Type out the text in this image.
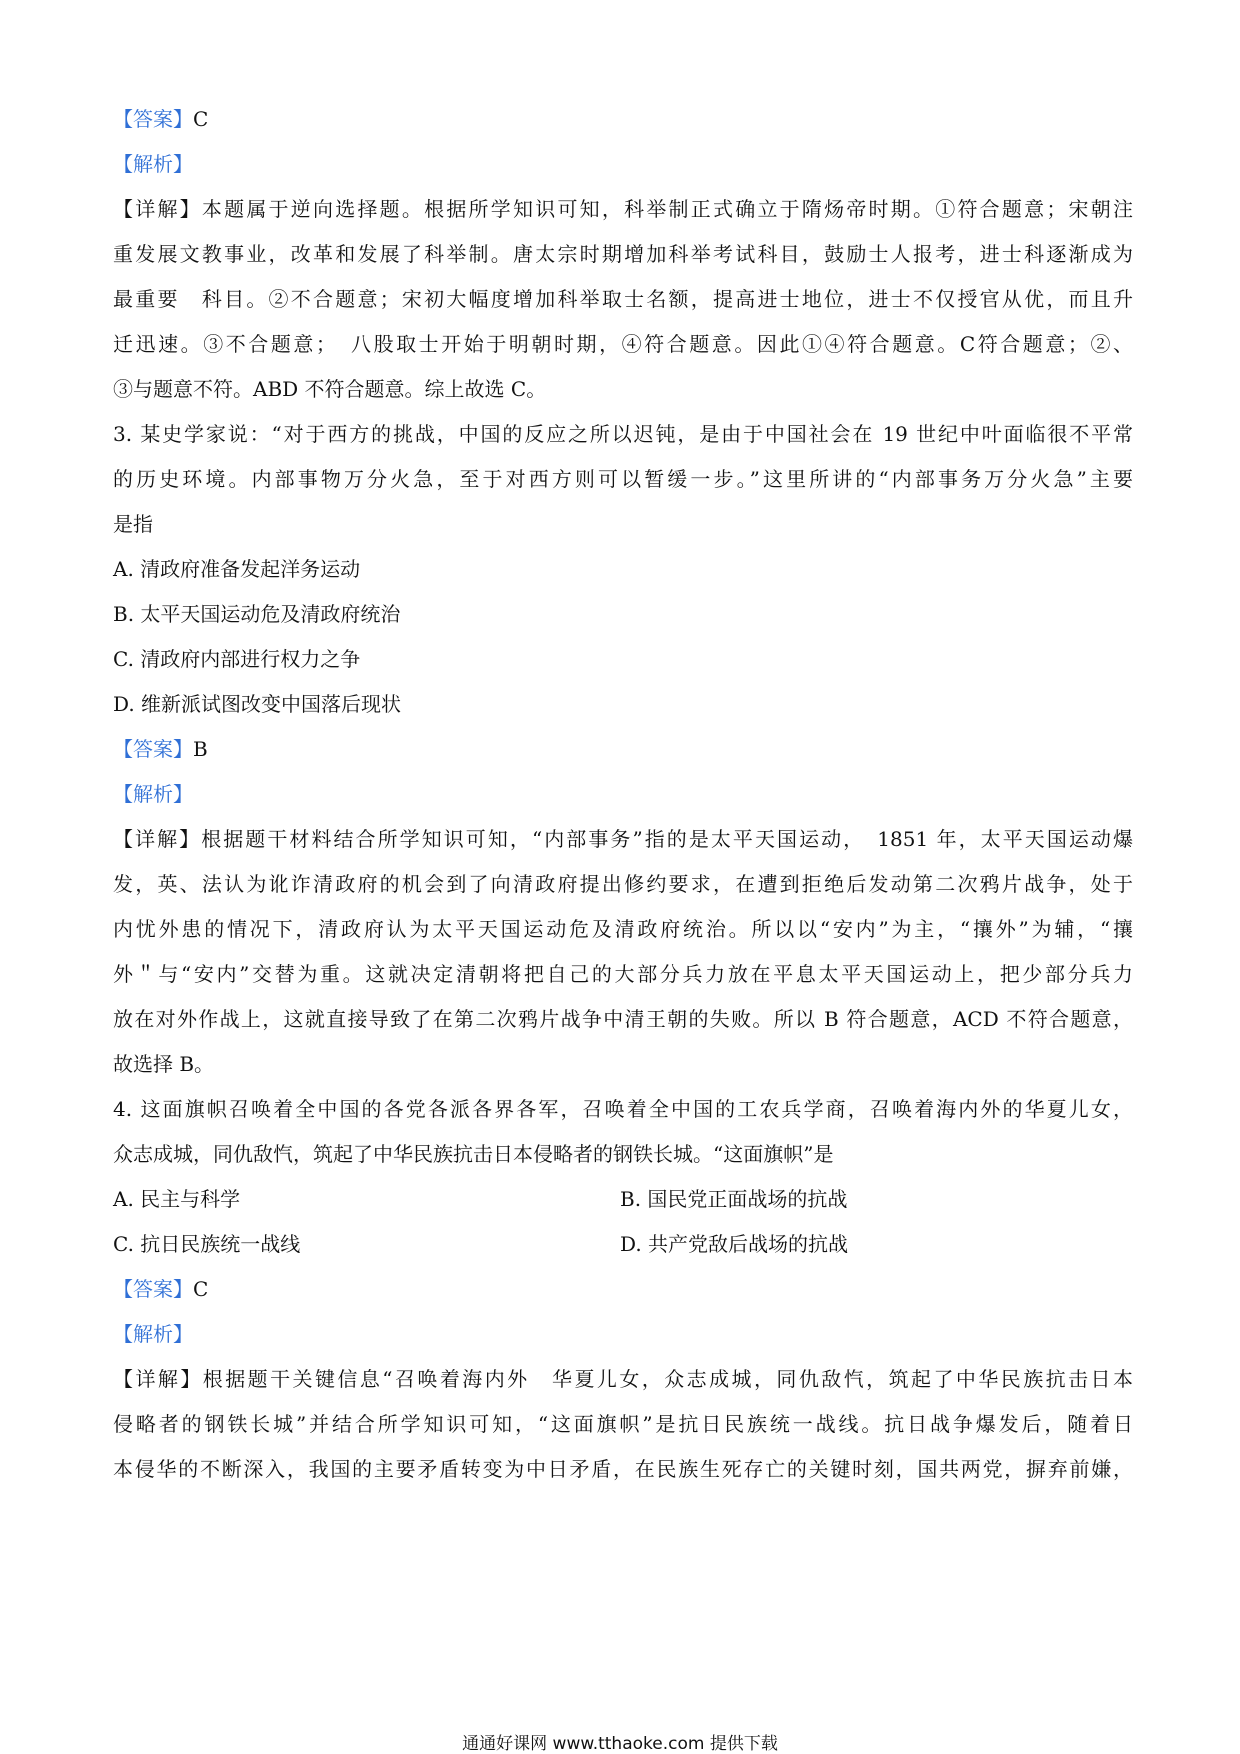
【答案】C
【解析】
【详解】本题属于逆向选择题。根据所学知识可知，科举制正式确立于隋炀帝时期。①符合题意；宋朝注
重发展文教事业，改革和发展了科举制。唐太宗时期增加科举考试科目，鼓励士人报考，进士科逐渐成为
最重要　科目。②不合题意；宋初大幅度增加科举取士名额，提高进士地位，进士不仅授官从优，而且升
迁迅速。③不合题意；　八股取士开始于明朝时期，④符合题意。因此①④符合题意。C符合题意；②、
③与题意不符。ABD 不符合题意。综上故选 C。
3. 某史学家说：“对于西方的挑战，中国的反应之所以迟钝，是由于中国社会在 19 世纪中叶面临很不平常
的历史环境。内部事物万分火急，至于对西方则可以暂缓一步。”这里所讲的“内部事务万分火急”主要
是指
A. 清政府准备发起洋务运动
B. 太平天国运动危及清政府统治
C. 清政府内部进行权力之争
D. 维新派试图改变中国落后现状
【答案】B
【解析】
【详解】根据题干材料结合所学知识可知，“内部事务”指的是太平天国运动，　1851 年，太平天国运动爆
发，英、法认为讹诈清政府的机会到了向清政府提出修约要求，在遭到拒绝后发动第二次鸦片战争，处于
内忧外患的情况下，清政府认为太平天国运动危及清政府统治。所以以“安内”为主，“攘外”为辅，“攘
外＂与“安内”交替为重。这就决定清朝将把自己的大部分兵力放在平息太平天国运动上，把少部分兵力
放在对外作战上，这就直接导致了在第二次鸦片战争中清王朝的失败。所以 B 符合题意，ACD 不符合题意，
故选择 B。
4. 这面旗帜召唤着全中国的各党各派各界各军，召唤着全中国的工农兵学商，召唤着海内外的华夏儿女，
众志成城，同仇敌忾，筑起了中华民族抗击日本侵略者的钢铁长城。“这面旗帜”是
A. 民主与科学	B. 国民党正面战场的抗战
C. 抗日民族统一战线	D. 共产党敌后战场的抗战
【答案】C
【解析】
【详解】根据题干关键信息“召唤着海内外　华夏儿女，众志成城，同仇敌忾，筑起了中华民族抗击日本
侵略者的钢铁长城”并结合所学知识可知，“这面旗帜”是抗日民族统一战线。抗日战争爆发后，随着日
本侵华的不断深入，我国的主要矛盾转变为中日矛盾，在民族生死存亡的关键时刻，国共两党，摒弃前嫌，
通通好课网 www.tthaoke.com 提供下载
